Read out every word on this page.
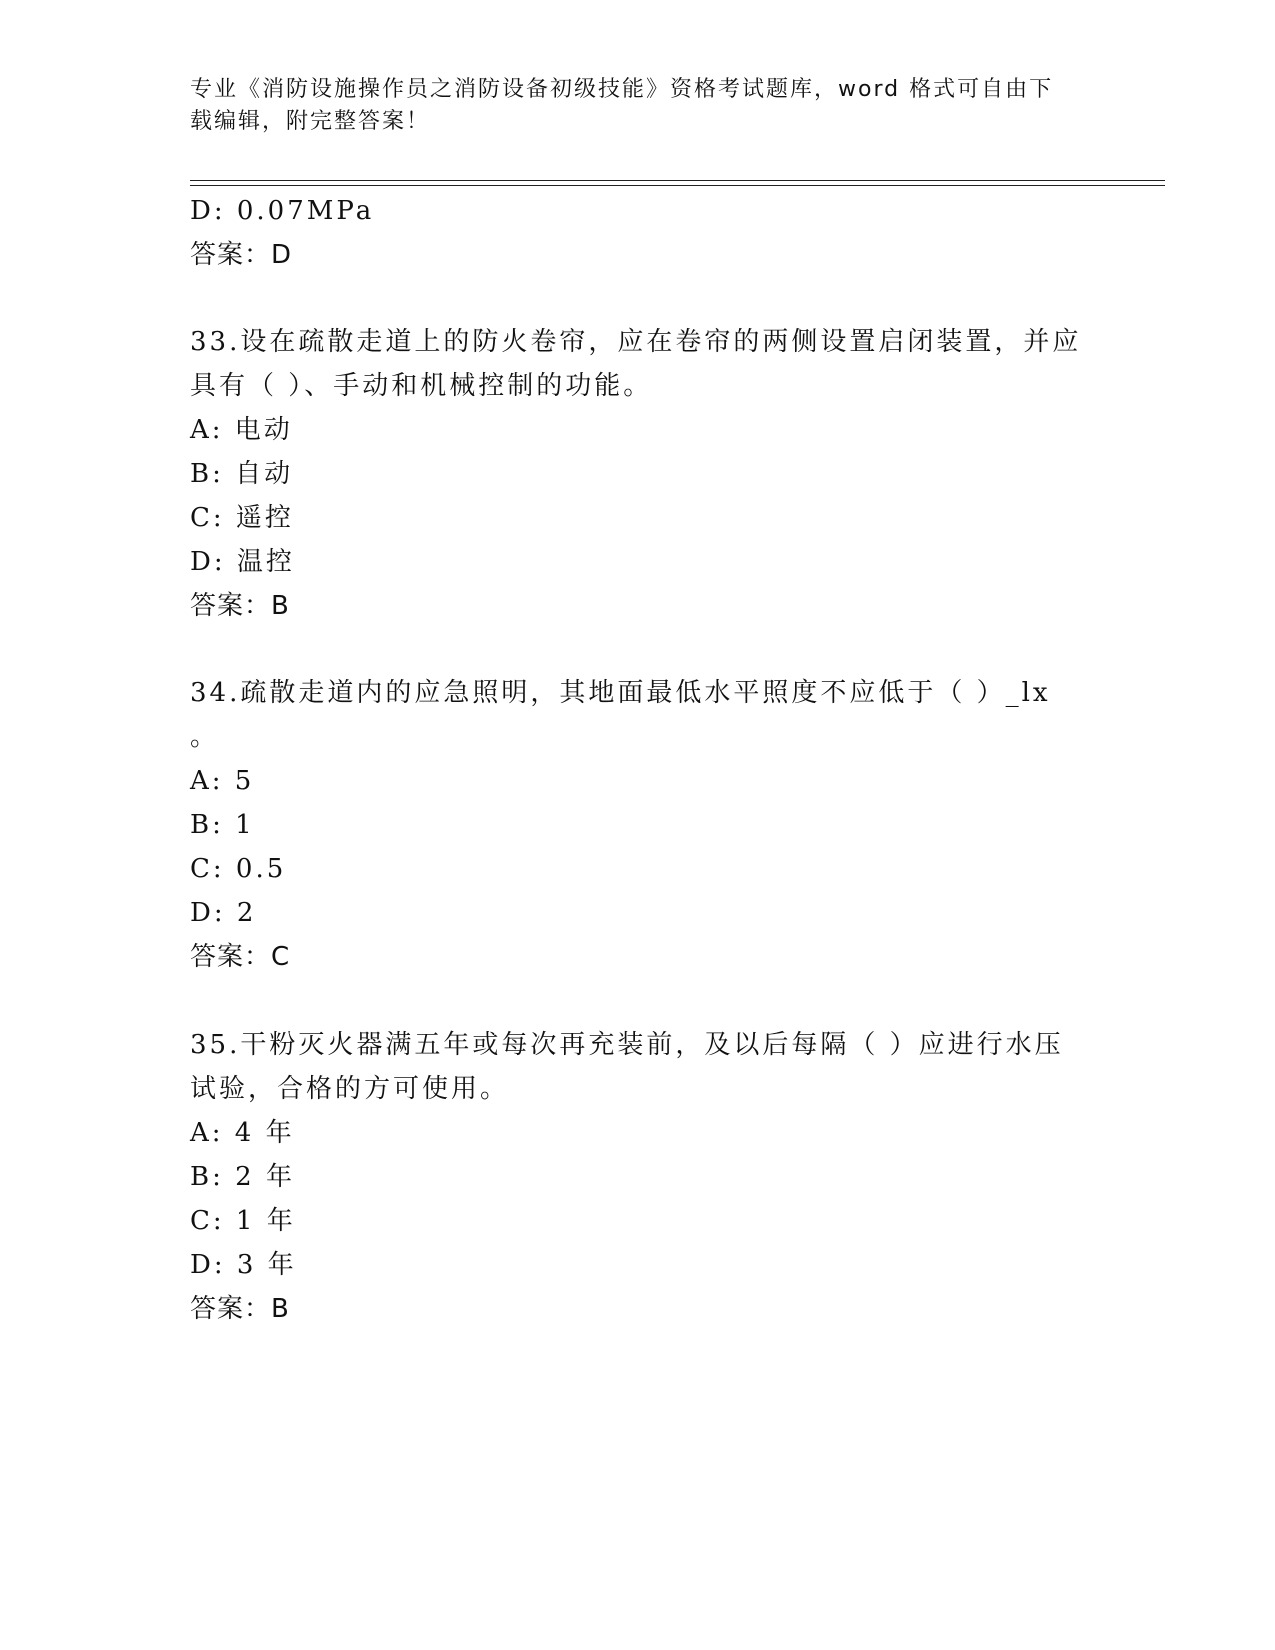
专业《消防设施操作员之消防设备初级技能》资格考试题库，word 格式可自由下
载编辑，附完整答案！
D: 0.07MPa
答案：D
33.设在疏散走道上的防火卷帘，应在卷帘的两侧设置启闭装置，并应
具有（ ）、手动和机械控制的功能。
A: 电动
B: 自动
C: 遥控
D: 温控
答案：B
34.疏散走道内的应急照明，其地面最低水平照度不应低于（ ）_lx
。
A: 5
B: 1
C: 0.5
D: 2
答案：C
35.干粉灭火器满五年或每次再充装前，及以后每隔（ ）应进行水压
试验，合格的方可使用。
A: 4 年
B: 2 年
C: 1 年
D: 3 年
答案：B
